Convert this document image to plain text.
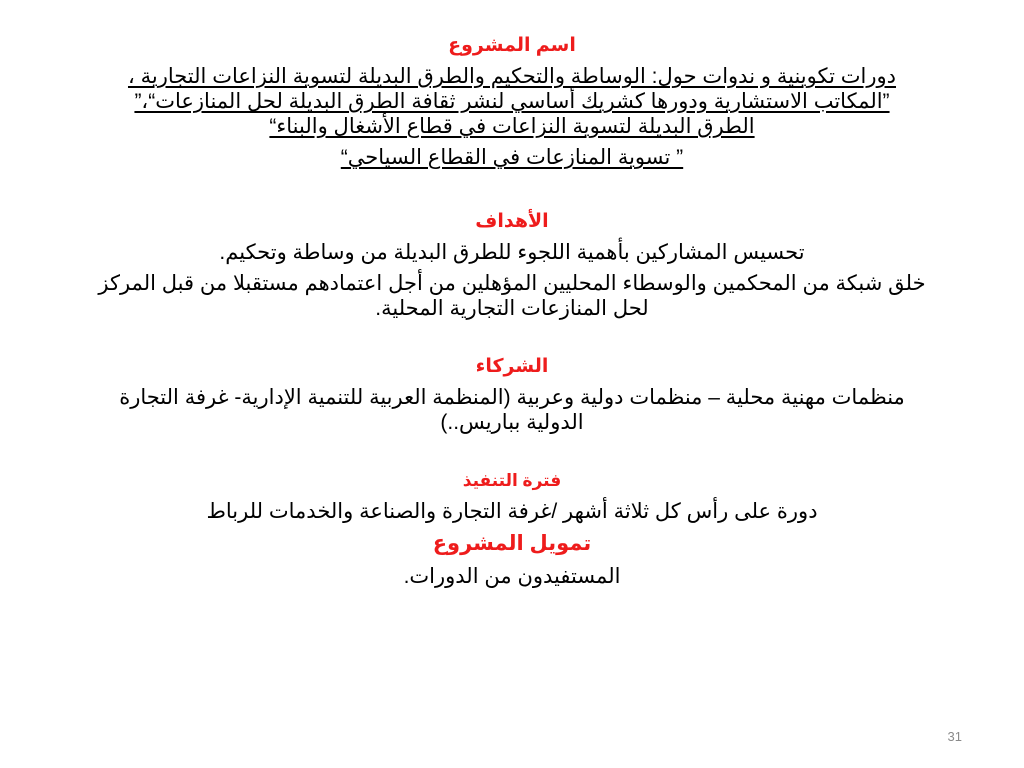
اسم المشروع

دورات تكوينية و ندوات حول: الوساطة والتحكيم والطرق البديلة لتسوية النزاعات التجارية ،

”المكاتب الاستشارية ودورها كشريك أساسي لنشر ثقافة الطرق البديلة لحل المنازعات“،”

الطرق البديلة لتسوية النزاعات في قطاع الأشغال والبناء“

” تسوية المنازعات في القطاع السياحي“

الأهداف

تحسيس المشاركين بأهمية اللجوء للطرق البديلة من وساطة وتحكيم.

خلق شبكة من المحكمين والوسطاء المحليين المؤهلين من أجل اعتمادهم مستقبلا من قبل المركز

لحل المنازعات التجارية المحلية.

الشركاء

منظمات مهنية محلية – منظمات دولية وعربية (المنظمة العربية للتنمية الإدارية- غرفة التجارة

الدولية بباريس..)

فترة التنفيذ

دورة على رأس كل ثلاثة أشهر /غرفة التجارة والصناعة والخدمات للرباط

تمويل المشروع

المستفيدون من الدورات.

31
